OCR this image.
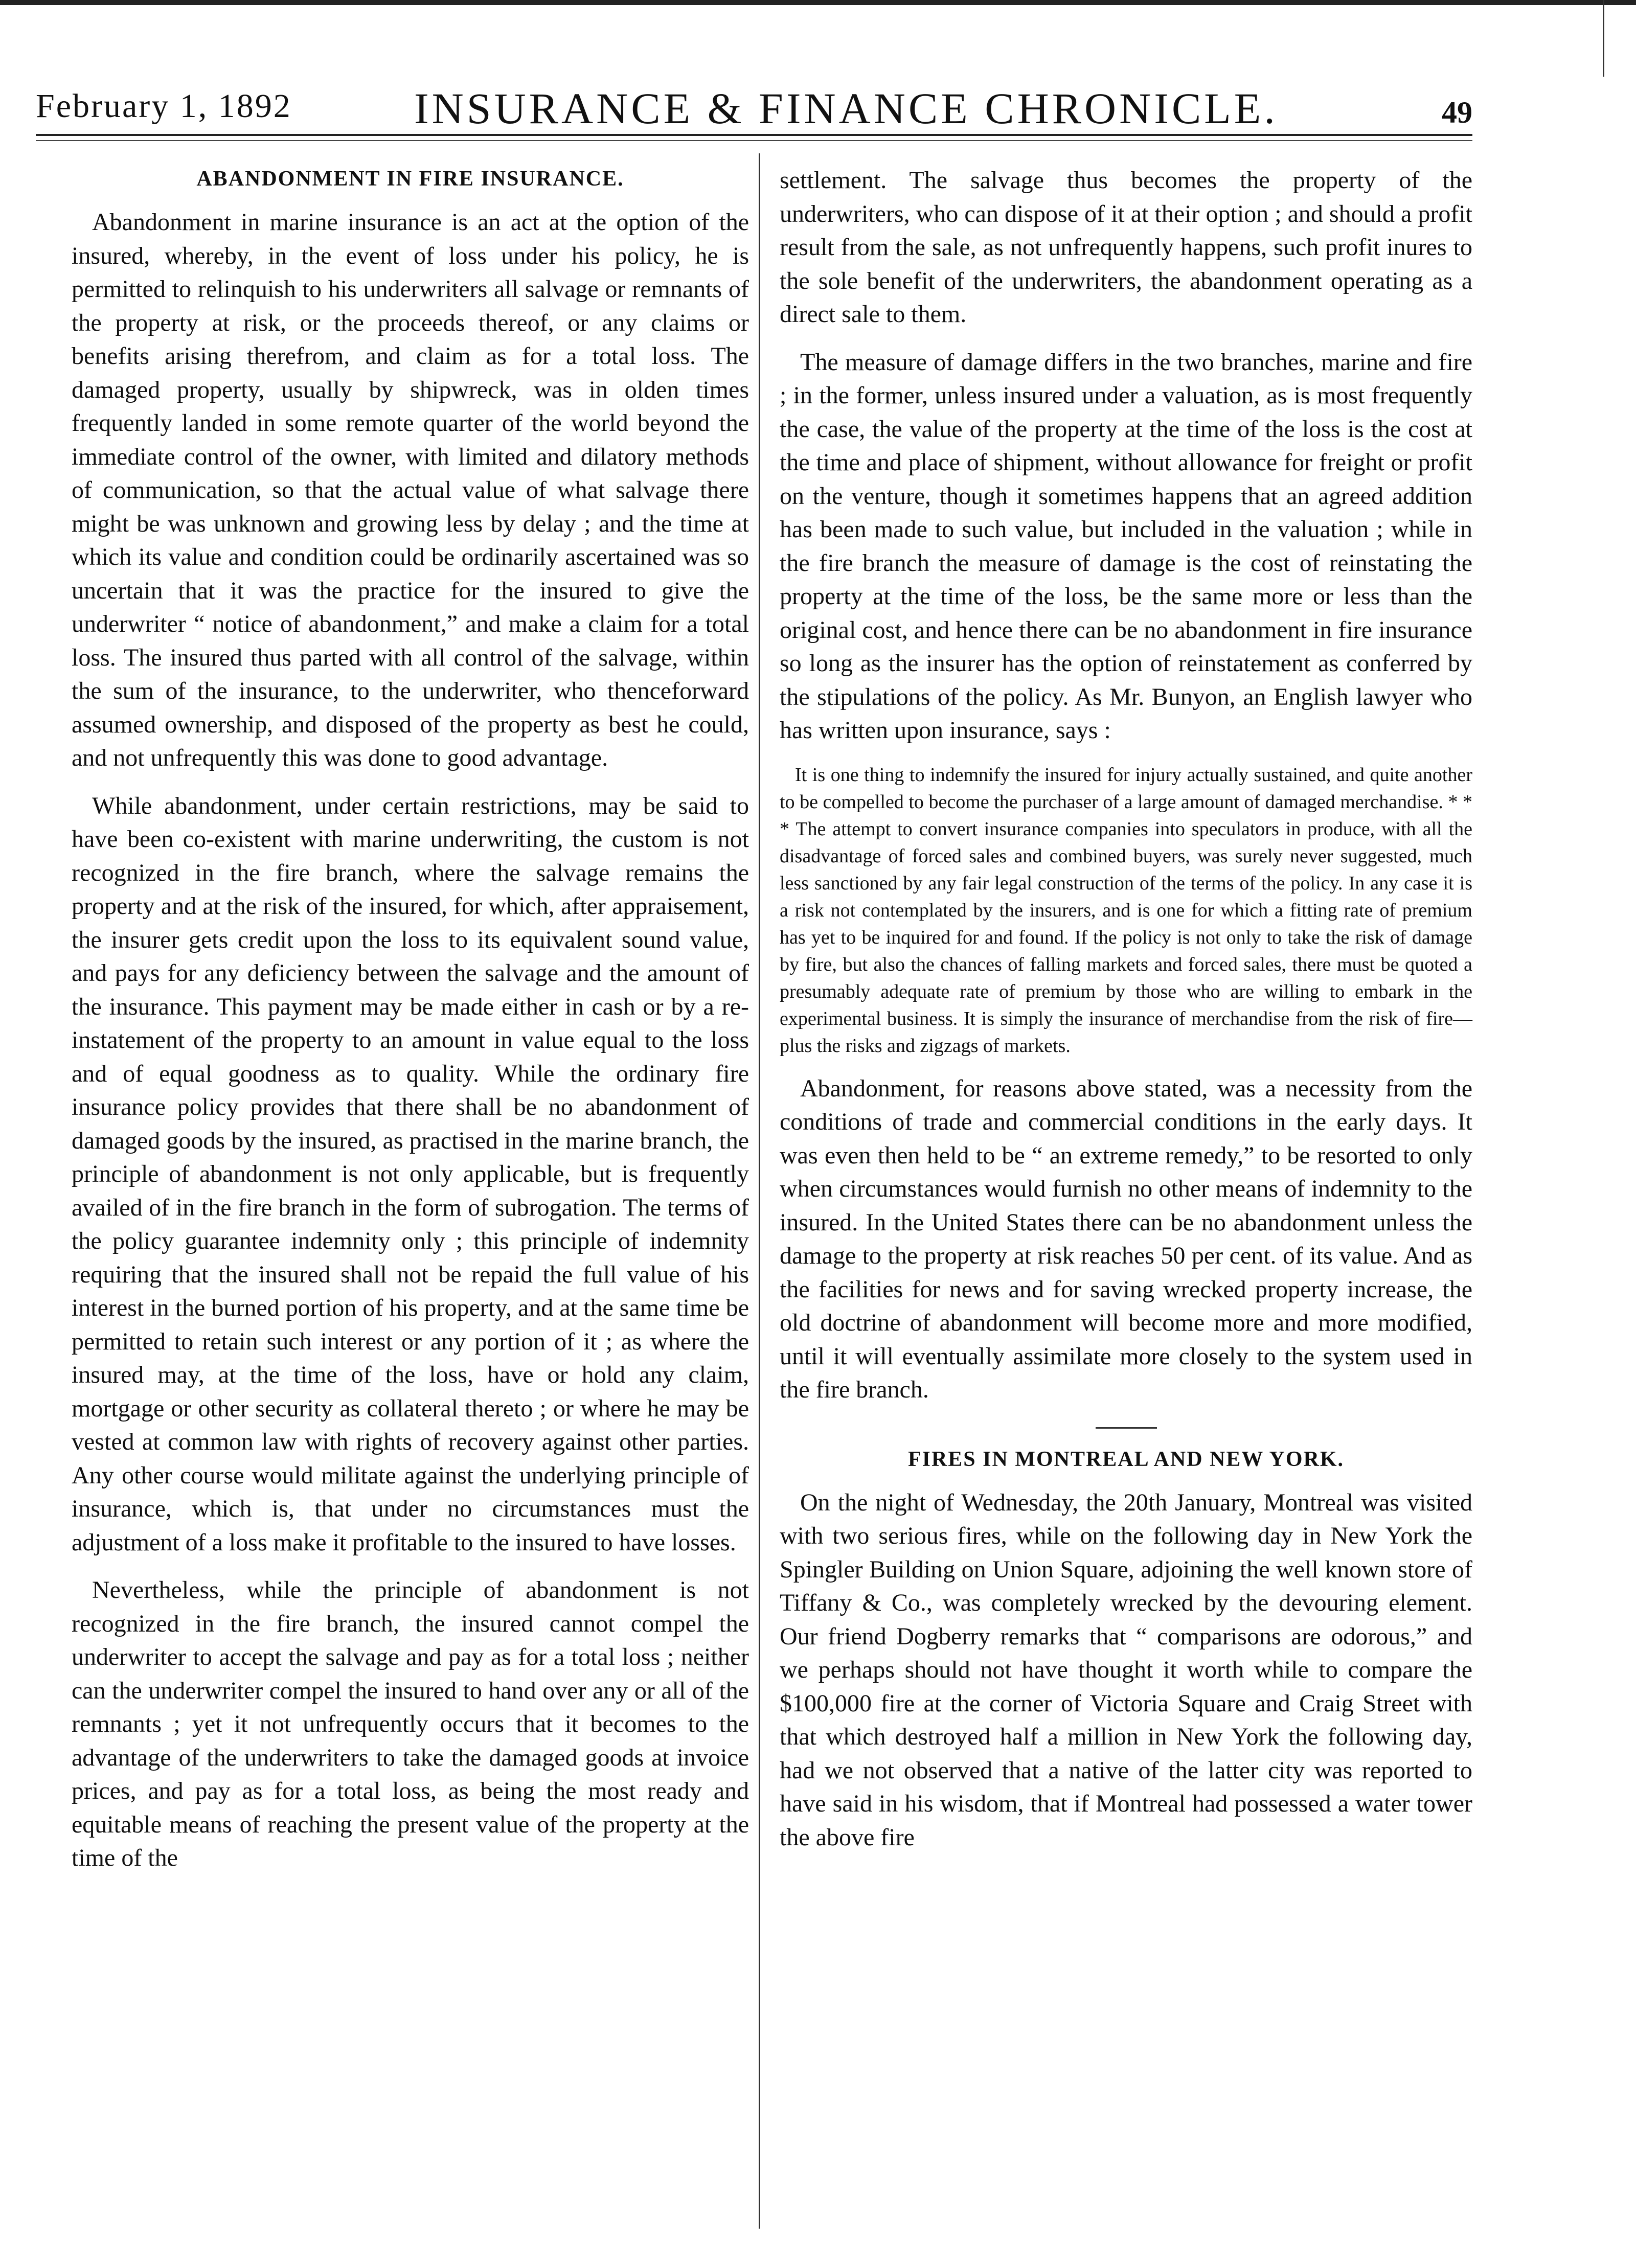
February 1, 1892	INSURANCE & FINANCE CHRONICLE.	49
ABANDONMENT IN FIRE INSURANCE.

Abandonment in marine insurance is an act at the option of the insured, whereby, in the event of loss under his policy, he is permitted to relinquish to his underwriters all salvage or remnants of the property at risk, or the proceeds thereof, or any claims or benefits arising therefrom, and claim as for a total loss. The damaged property, usually by shipwreck, was in olden times frequently landed in some remote quarter of the world beyond the immediate control of the owner, with limited and dilatory methods of communication, so that the actual value of what salvage there might be was unknown and growing less by delay ; and the time at which its value and condition could be ordinarily ascertained was so uncertain that it was the practice for the insured to give the underwriter “ notice of abandonment,” and make a claim for a total loss. The insured thus parted with all control of the salvage, within the sum of the insurance, to the underwriter, who thenceforward assumed ownership, and disposed of the property as best he could, and not unfrequently this was done to good advantage.

While abandonment, under certain restrictions, may be said to have been co-existent with marine underwriting, the custom is not recognized in the fire branch, where the salvage remains the property and at the risk of the insured, for which, after appraisement, the insurer gets credit upon the loss to its equivalent sound value, and pays for any deficiency between the salvage and the amount of the insurance. This payment may be made either in cash or by a re-instatement of the property to an amount in value equal to the loss and of equal goodness as to quality. While the ordinary fire insurance policy provides that there shall be no abandonment of damaged goods by the insured, as practised in the marine branch, the principle of abandonment is not only applicable, but is frequently availed of in the fire branch in the form of subrogation. The terms of the policy guarantee indemnity only ; this principle of indemnity requiring that the insured shall not be repaid the full value of his interest in the burned portion of his property, and at the same time be permitted to retain such interest or any portion of it ; as where the insured may, at the time of the loss, have or hold any claim, mortgage or other security as collateral thereto ; or where he may be vested at common law with rights of recovery against other parties. Any other course would militate against the underlying principle of insurance, which is, that under no circumstances must the adjustment of a loss make it profitable to the insured to have losses.

Nevertheless, while the principle of abandonment is not recognized in the fire branch, the insured cannot compel the underwriter to accept the salvage and pay as for a total loss ; neither can the underwriter compel the insured to hand over any or all of the remnants ; yet it not unfrequently occurs that it becomes to the advantage of the underwriters to take the damaged goods at invoice prices, and pay as for a total loss, as being the most ready and equitable means of reaching the present value of the property at the time of the

settlement. The salvage thus becomes the property of the underwriters, who can dispose of it at their option ; and should a profit result from the sale, as not unfrequently happens, such profit inures to the sole benefit of the underwriters, the abandonment operating as a direct sale to them.

The measure of damage differs in the two branches, marine and fire ; in the former, unless insured under a valuation, as is most frequently the case, the value of the property at the time of the loss is the cost at the time and place of shipment, without allowance for freight or profit on the venture, though it sometimes happens that an agreed addition has been made to such value, but included in the valuation ; while in the fire branch the measure of damage is the cost of reinstating the property at the time of the loss, be the same more or less than the original cost, and hence there can be no abandonment in fire insurance so long as the insurer has the option of reinstatement as conferred by the stipulations of the policy. As Mr. Bunyon, an English lawyer who has written upon insurance, says :

It is one thing to indemnify the insured for injury actually sustained, and quite another to be compelled to become the purchaser of a large amount of damaged merchandise. * * * The attempt to convert insurance companies into speculators in produce, with all the disadvantage of forced sales and combined buyers, was surely never suggested, much less sanctioned by any fair legal construction of the terms of the policy. In any case it is a risk not contemplated by the insurers, and is one for which a fitting rate of premium has yet to be inquired for and found. If the policy is not only to take the risk of damage by fire, but also the chances of falling markets and forced sales, there must be quoted a presumably adequate rate of premium by those who are willing to embark in the experimental business. It is simply the insurance of merchandise from the risk of fire—plus the risks and zigzags of markets.

Abandonment, for reasons above stated, was a necessity from the conditions of trade and commercial conditions in the early days. It was even then held to be “ an extreme remedy,” to be resorted to only when circumstances would furnish no other means of indemnity to the insured. In the United States there can be no abandonment unless the damage to the property at risk reaches 50 per cent. of its value. And as the facilities for news and for saving wrecked property increase, the old doctrine of abandonment will become more and more modified, until it will eventually assimilate more closely to the system used in the fire branch.

FIRES IN MONTREAL AND NEW YORK.

On the night of Wednesday, the 20th January, Montreal was visited with two serious fires, while on the following day in New York the Spingler Building on Union Square, adjoining the well known store of Tiffany & Co., was completely wrecked by the devouring element. Our friend Dogberry remarks that “ comparisons are odorous,” and we perhaps should not have thought it worth while to compare the $100,000 fire at the corner of Victoria Square and Craig Street with that which destroyed half a million in New York the following day, had we not observed that a native of the latter city was reported to have said in his wisdom, that if Montreal had possessed a water tower the above fire
